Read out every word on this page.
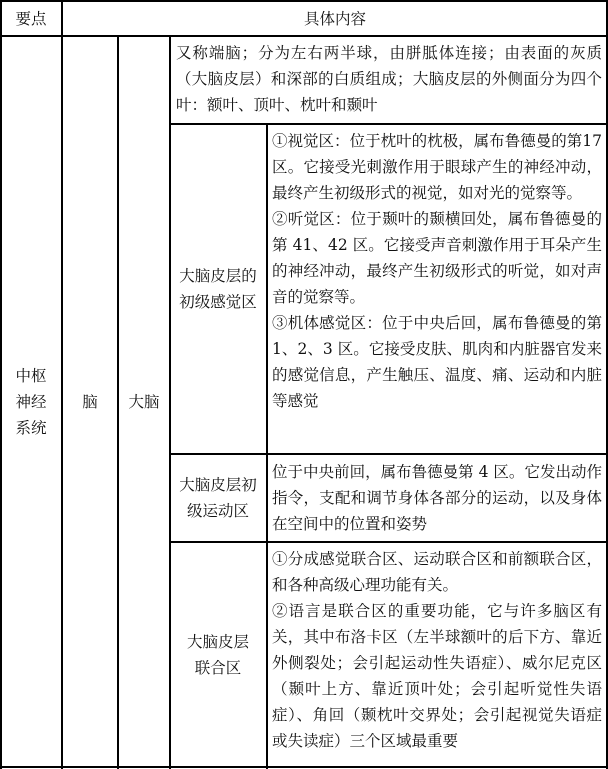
要点	具体内容
中枢
神经
系统
脑	大脑
又称端脑；分为左右两半球，由胼胝体连接；由表面的灰质（大脑皮层）和深部的白质组成；大脑皮层的外侧面分为四个叶：额叶、顶叶、枕叶和颞叶
大脑皮层的
初级感觉区
①视觉区：位于枕叶的枕极，属布鲁德曼的第17区。它接受光刺激作用于眼球产生的神经冲动，最终产生初级形式的视觉，如对光的觉察等。
②听觉区：位于颞叶的颞横回处，属布鲁德曼的第 41、42 区。它接受声音刺激作用于耳朵产生的神经冲动，最终产生初级形式的听觉，如对声音的觉察等。
③机体感觉区：位于中央后回，属布鲁德曼的第 1、2、3 区。它接受皮肤、肌肉和内脏器官发来的感觉信息，产生触压、温度、痛、运动和内脏等感觉
大脑皮层初
级运动区
位于中央前回，属布鲁德曼第 4 区。它发出动作指令，支配和调节身体各部分的运动，以及身体在空间中的位置和姿势
大脑皮层
联合区
①分成感觉联合区、运动联合区和前额联合区，和各种高级心理功能有关。
②语言是联合区的重要功能，它与许多脑区有关，其中布洛卡区（左半球额叶的后下方、靠近外侧裂处；会引起运动性失语症）、威尔尼克区（颞叶上方、靠近顶叶处；会引起听觉性失语症）、角回（颞枕叶交界处；会引起视觉失语症或失读症）三个区域最重要
